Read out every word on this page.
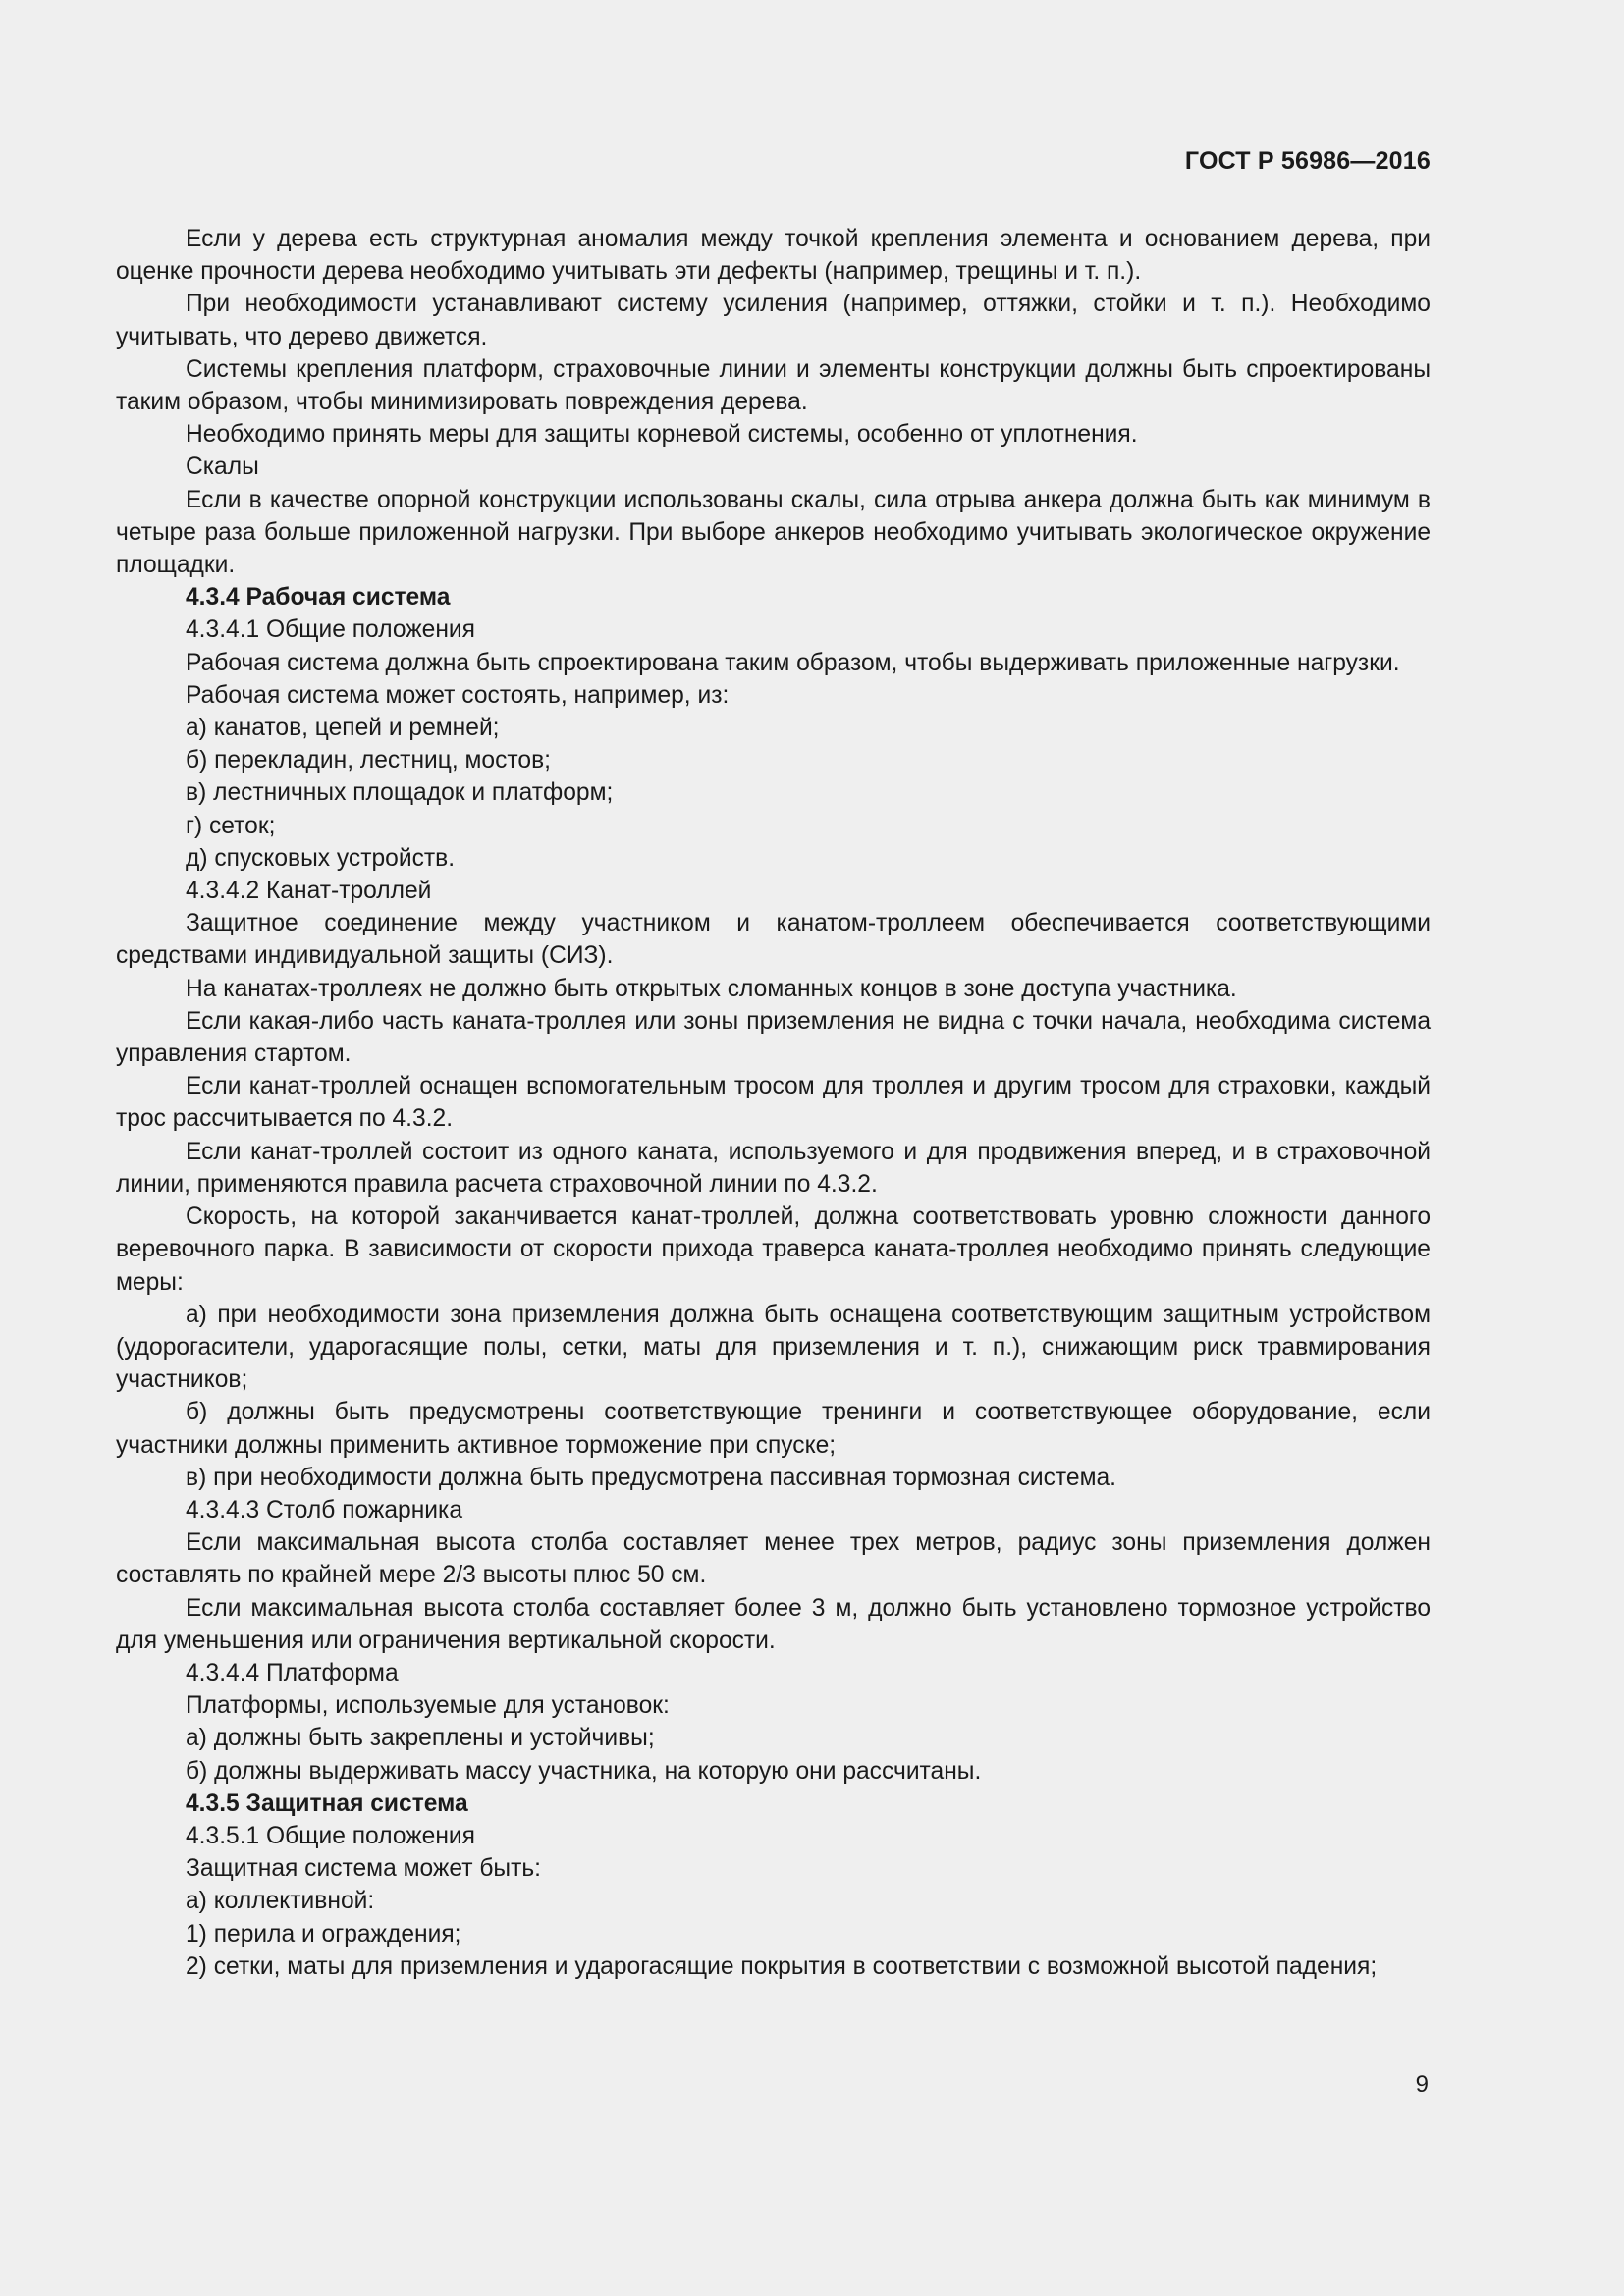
ГОСТ Р 56986—2016

Если у дерева есть структурная аномалия между точкой крепления элемента и основанием дерева, при оценке прочности дерева необходимо учитывать эти дефекты (например, трещины и т. п.).

При необходимости устанавливают систему усиления (например, оттяжки, стойки и т. п.). Необходимо учитывать, что дерево движется.

Системы крепления платформ, страховочные линии и элементы конструкции должны быть спроектированы таким образом, чтобы минимизировать повреждения дерева.

Необходимо принять меры для защиты корневой системы, особенно от уплотнения.

Скалы

Если в качестве опорной конструкции использованы скалы, сила отрыва анкера должна быть как минимум в четыре раза больше приложенной нагрузки. При выборе анкеров необходимо учитывать экологическое окружение площадки.

4.3.4 Рабочая система

4.3.4.1 Общие положения

Рабочая система должна быть спроектирована таким образом, чтобы выдерживать приложенные нагрузки.

Рабочая система может состоять, например, из:

а) канатов, цепей и ремней;

б) перекладин, лестниц, мостов;

в) лестничных площадок и платформ;

г) сеток;

д) спусковых устройств.

4.3.4.2 Канат-троллей

Защитное соединение между участником и канатом-троллеем обеспечивается соответствующими средствами индивидуальной защиты (СИЗ).

На канатах-троллеях не должно быть открытых сломанных концов в зоне доступа участника.

Если какая-либо часть каната-троллея или зоны приземления не видна с точки начала, необходима система управления стартом.

Если канат-троллей оснащен вспомогательным тросом для троллея и другим тросом для страховки, каждый трос рассчитывается по 4.3.2.

Если канат-троллей состоит из одного каната, используемого и для продвижения вперед, и в страховочной линии, применяются правила расчета страховочной линии по 4.3.2.

Скорость, на которой заканчивается канат-троллей, должна соответствовать уровню сложности данного веревочного парка. В зависимости от скорости прихода траверса каната-троллея необходимо принять следующие меры:

а) при необходимости зона приземления должна быть оснащена соответствующим защитным устройством (удорогасители, ударогасящие полы, сетки, маты для приземления и т. п.), снижающим риск травмирования участников;

б) должны быть предусмотрены соответствующие тренинги и соответствующее оборудование, если участники должны применить активное торможение при спуске;

в) при необходимости должна быть предусмотрена пассивная тормозная система.

4.3.4.3 Столб пожарника

Если максимальная высота столба составляет менее трех метров, радиус зоны приземления должен составлять по крайней мере 2/3 высоты плюс 50 см.

Если максимальная высота столба составляет более 3 м, должно быть установлено тормозное устройство для уменьшения или ограничения вертикальной скорости.

4.3.4.4 Платформа

Платформы, используемые для установок:

а) должны быть закреплены и устойчивы;

б) должны выдерживать массу участника, на которую они рассчитаны.

4.3.5 Защитная система

4.3.5.1 Общие положения

Защитная система может быть:

а) коллективной:

1) перила и ограждения;

2) сетки, маты для приземления и ударогасящие покрытия в соответствии с возможной высотой падения;

9
